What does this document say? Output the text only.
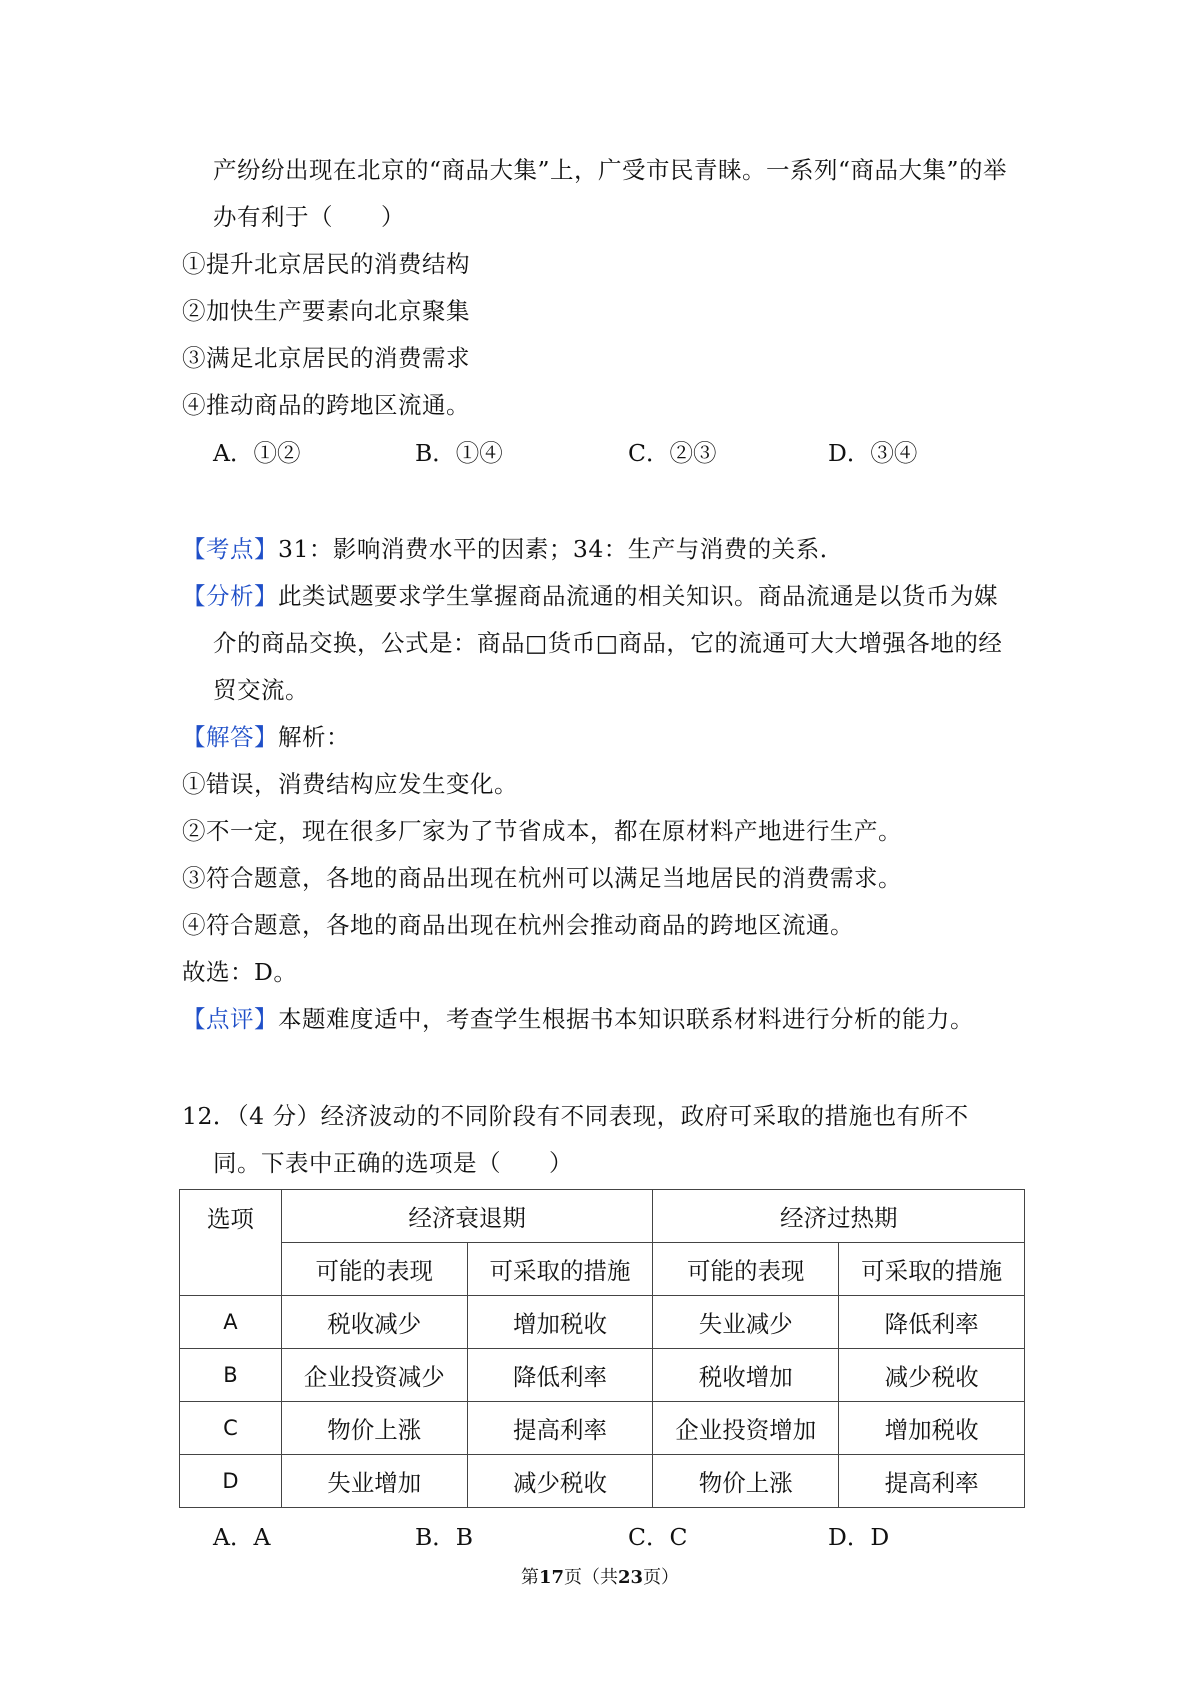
产纷纷出现在北京的“商品大集”上，广受市民青睐。一系列“商品大集”的举
办有利于（　　）
①提升北京居民的消费结构
②加快生产要素向北京聚集
③满足北京居民的消费需求
④推动商品的跨地区流通。
A．①②	B．①④	C．②③	D．③④
【考点】31：影响消费水平的因素；34：生产与消费的关系．
【分析】此类试题要求学生掌握商品流通的相关知识。商品流通是以货币为媒
介的商品交换，公式是：商品□货币□商品，它的流通可大大增强各地的经
贸交流。
【解答】解析：
①错误，消费结构应发生变化。
②不一定，现在很多厂家为了节省成本，都在原材料产地进行生产。
③符合题意，各地的商品出现在杭州可以满足当地居民的消费需求。
④符合题意，各地的商品出现在杭州会推动商品的跨地区流通。
故选：D。
【点评】本题难度适中，考查学生根据书本知识联系材料进行分析的能力。
12．（4 分）经济波动的不同阶段有不同表现，政府可采取的措施也有所不
同。下表中正确的选项是（　　）
选项	经济衰退期		经济过热期	
	可能的表现	可采取的措施	可能的表现	可采取的措施
A	税收减少	增加税收	失业减少	降低利率
B	企业投资减少	降低利率	税收增加	减少税收
C	物价上涨	提高利率	企业投资增加	增加税收
D	失业增加	减少税收	物价上涨	提高利率
A．A	B．B	C．C	D．D
第17页（共23页）
